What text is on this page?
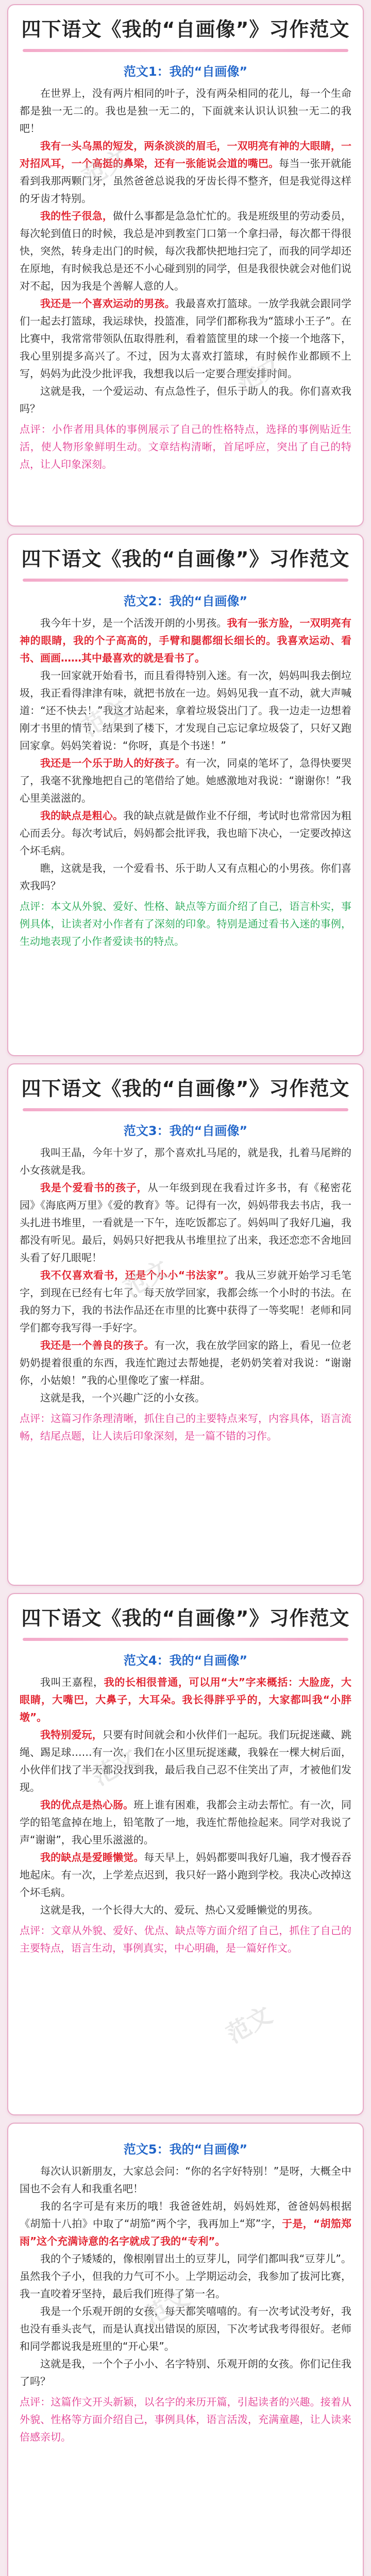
范文
范文
四下语文《我的“自画像”》习作范文
范文1：我的“自画像”

在世界上，没有两片相同的叶子，没有两朵相同的花儿，每一个生命都是独一无二的。我也是独一无二的，下面就来认识认识独一无二的我吧！

我有一头乌黑的短发，两条淡淡的眉毛，一双明亮有神的大眼睛，一对招风耳，一个高挺的鼻梁，还有一张能说会道的嘴巴。每当一张开就能看到我那两颗门牙，虽然爸爸总说我的牙齿长得不整齐，但是我觉得这样的牙齿才特别。

我的性子很急，做什么事都是急急忙忙的。我是班级里的劳动委员，每次轮到值日的时候，我总是冲到教室门口第一个拿扫帚，每次都干得很快，突然，转身走出门的时候，每次我都快把地扫完了，而我的同学却还在原地，有时候我总是还不小心碰到别的同学，但是我很快就会对他们说对不起，因为我是个善解人意的人。

我还是一个喜欢运动的男孩。我最喜欢打篮球。一放学我就会跟同学们一起去打篮球，我运球快，投篮准，同学们都称我为“篮球小王子”。在比赛中，我常常带领队伍取得胜利，看着篮筐里的球一个接一个地落下，我心里别提多高兴了。不过，因为太喜欢打篮球，有时候作业都顾不上写，妈妈为此没少批评我，我想我以后一定要合理安排时间。

这就是我，一个爱运动、有点急性子，但乐于助人的我。你们喜欢我吗？

点评：小作者用具体的事例展示了自己的性格特点，选择的事例贴近生活，使人物形象鲜明生动。文章结构清晰，首尾呼应，突出了自己的特点，让人印象深刻。

范文
四下语文《我的“自画像”》习作范文
范文2：我的“自画像”

我今年十岁，是一个活泼开朗的小男孩。我有一张方脸，一双明亮有神的眼睛，我的个子高高的，手臂和腿都细长细长的。我喜欢运动、看书、画画……其中最喜欢的就是看书了。

我一回家就开始看书，而且看得特别入迷。有一次，妈妈叫我去倒垃圾，我正看得津津有味，就把书放在一边。妈妈见我一直不动，就大声喊道：“还不快去！”我这才站起来，拿着垃圾袋出门了。我一边走一边想着刚才书里的情节，结果到了楼下，才发现自己忘记拿垃圾袋了，只好又跑回家拿。妈妈笑着说：“你呀，真是个书迷！”

我还是一个乐于助人的好孩子。有一次，同桌的笔坏了，急得快要哭了，我毫不犹豫地把自己的笔借给了她。她感激地对我说：“谢谢你！”我心里美滋滋的。

我的缺点是粗心。我的缺点就是做作业不仔细，考试时也常常因为粗心而丢分。每次考试后，妈妈都会批评我，我也暗下决心，一定要改掉这个坏毛病。

瞧，这就是我，一个爱看书、乐于助人又有点粗心的小男孩。你们喜欢我吗？

点评：本文从外貌、爱好、性格、缺点等方面介绍了自己，语言朴实，事例具体，让读者对小作者有了深刻的印象。特别是通过看书入迷的事例，生动地表现了小作者爱读书的特点。

范文
四下语文《我的“自画像”》习作范文
范文3：我的“自画像”

我叫王晶，今年十岁了，那个喜欢扎马尾的，就是我，扎着马尾辫的小女孩就是我。

我是个爱看书的孩子，从一年级到现在我看过许多书，有《秘密花园》《海底两万里》《爱的教育》等。记得有一次，妈妈带我去书店，我一头扎进书堆里，一看就是一下午，连吃饭都忘了。妈妈叫了我好几遍，我都没有听见。最后，妈妈只好把我从书堆里拉了出来，我还恋恋不舍地回头看了好几眼呢！

我不仅喜欢看书，还是个小小“书法家”。我从三岁就开始学习毛笔字，到现在已经有七年了。每天放学回家，我都会练一个小时的书法。在我的努力下，我的书法作品还在市里的比赛中获得了一等奖呢！老师和同学们都夸我写得一手好字。

我还是一个善良的孩子。有一次，我在放学回家的路上，看见一位老奶奶提着很重的东西，我连忙跑过去帮她提，老奶奶笑着对我说：“谢谢你，小姑娘！”我的心里像吃了蜜一样甜。

这就是我，一个兴趣广泛的小女孩。

点评：这篇习作条理清晰，抓住自己的主要特点来写，内容具体，语言流畅，结尾点题，让人读后印象深刻，是一篇不错的习作。

范文
范文
四下语文《我的“自画像”》习作范文
范文4：我的“自画像”

我叫王嘉程，我的长相很普通，可以用“大”字来概括：大脸庞，大眼睛，大嘴巴，大鼻子，大耳朵。我长得胖乎乎的，大家都叫我“小胖墩”。

我特别爱玩，只要有时间就会和小伙伴们一起玩。我们玩捉迷藏、跳绳、踢足球……有一次，我们在小区里玩捉迷藏，我躲在一棵大树后面，小伙伴们找了半天都没找到我，最后我自己忍不住笑出了声，才被他们发现。

我的优点是热心肠。班上谁有困难，我都会主动去帮忙。有一次，同学的铅笔盒掉在地上，铅笔散了一地，我连忙帮他捡起来。同学对我说了声“谢谢”，我心里乐滋滋的。

我的缺点是爱睡懒觉。每天早上，妈妈都要叫我好几遍，我才慢吞吞地起床。有一次，上学差点迟到，我只好一路小跑到学校。我决心改掉这个坏毛病。

这就是我，一个长得大大的、爱玩、热心又爱睡懒觉的男孩。

点评：文章从外貌、爱好、优点、缺点等方面介绍了自己，抓住了自己的主要特点，语言生动，事例真实，中心明确，是一篇好作文。

范文
范文5：我的“自画像”

每次认识新朋友，大家总会问：“你的名字好特别！”是呀，大概全中国也不会有人和我重名吧！

我的名字可是有来历的哦！我爸爸姓胡，妈妈姓郑，爸爸妈妈根据《胡笳十八拍》中取了“胡笳”两个字，我再加上“郑”字，于是，“胡笳郑雨”这个充满诗意的名字就成了我的“专利”。

我的个子矮矮的，像根刚冒出土的豆芽儿，同学们都叫我“豆芽儿”。虽然我个子小，但我的力气可不小。上学期运动会，我参加了拔河比赛，我一直咬着牙坚持，最后我们班得了第一名。

我是一个乐观开朗的女孩，每天都笑嘻嘻的。有一次考试没考好，我也没有垂头丧气，而是认真找出错误的原因，下次考试我考得很好。老师和同学都说我是班里的“开心果”。

这就是我，一个个子小小、名字特别、乐观开朗的女孩。你们记住我了吗？

点评：这篇作文开头新颖，以名字的来历开篇，引起读者的兴趣。接着从外貌、性格等方面介绍自己，事例具体，语言活泼，充满童趣，让人读来倍感亲切。
